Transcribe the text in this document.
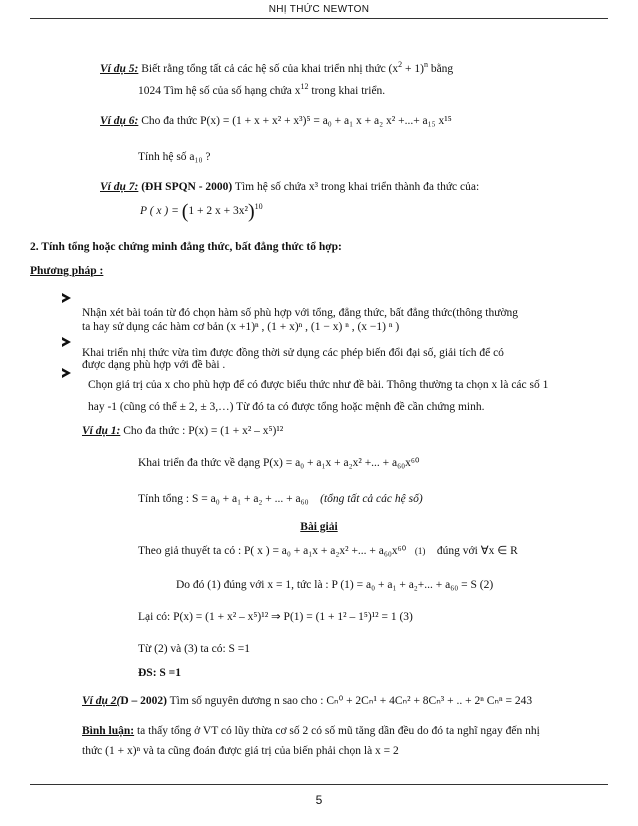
NHỊ THỨC NEWTON
Ví dụ 5: Biết rằng tổng tất cả các hệ số của khai triển nhị thức $(x^2 + 1)^n$ bằng
1024 Tìm hệ số của số hạng chứa $x^{12}$ trong khai triển.
Ví dụ 6: Cho đa thức P(x) = (1 + x + x² + x³)⁵ = a₀ + a₁ x + a₂ x² +...+ a₁₅ x¹⁵
Tính hệ số a₁₀ ?
Ví dụ 7: (ĐH SPQN - 2000) Tìm hệ số chứa x³ trong khai triển thành đa thức của:
P ( x ) = (1 + 2 x + 3x²)$^{10}$
2. Tính tổng hoặc chứng minh đẳng thức, bất đẳng thức tổ hợp:
Phương pháp :
Nhận xét bài toán từ đó chọn hàm số phù hợp với tổng, đẳng thức, bất đẳng thức(thông thường
ta hay sử dụng các hàm cơ bản (x +1)ⁿ , (1 + x)ⁿ , (1 − x) ⁿ , (x −1) ⁿ )
Khai triển nhị thức vừa tìm được đồng thời sử dụng các phép biến đổi đại số, giải tích để có
được dạng phù hợp với đề bài .
Chọn giá trị của x cho phù hợp để có được biểu thức như đề bài. Thông thường ta chọn x là các số 1
hay -1 (cũng có thể ± 2, ± 3,…) Từ đó ta có được tổng hoặc mệnh đề cần chứng minh.
Ví dụ 1: Cho đa thức : P(x) = (1 + x² – x⁵)¹²
Khai triển đa thức về dạng P(x) = a₀ + a₁x + a₂x² +... + a₆₀x⁶⁰
Tính tổng : S = a₀ + a₁ + a₂ + ... + a₆₀ (tổng tất cả các hệ số)
Bài giải
Theo giả thuyết ta có : P( x ) = a₀ + a₁x + a₂x² +... + a₆₀x⁶⁰ (1) đúng với ∀x ∈ R
Do đó (1) đúng với x = 1, tức là : P (1) = a₀ + a₁ + a₂+... + a₆₀ = S (2)
Lại có: P(x) = (1 + x² – x⁵)¹² ⇒ P(1) = (1 + 1² – 1⁵)¹² = 1 (3)
Từ (2) và (3) ta có: S =1
ĐS: S =1
Ví dụ 2(D – 2002) Tìm số nguyên dương n sao cho : Cₙ⁰ + 2Cₙ¹ + 4Cₙ² + 8Cₙ³ + .. + 2ⁿ Cₙⁿ = 243
Bình luận: ta thấy tổng ở VT có lũy thừa cơ số 2 có số mũ tăng dần đều do đó ta nghĩ ngay đến nhị
thức (1 + x)ⁿ và ta cũng đoán được giá trị của biến phải chọn là x = 2
5
